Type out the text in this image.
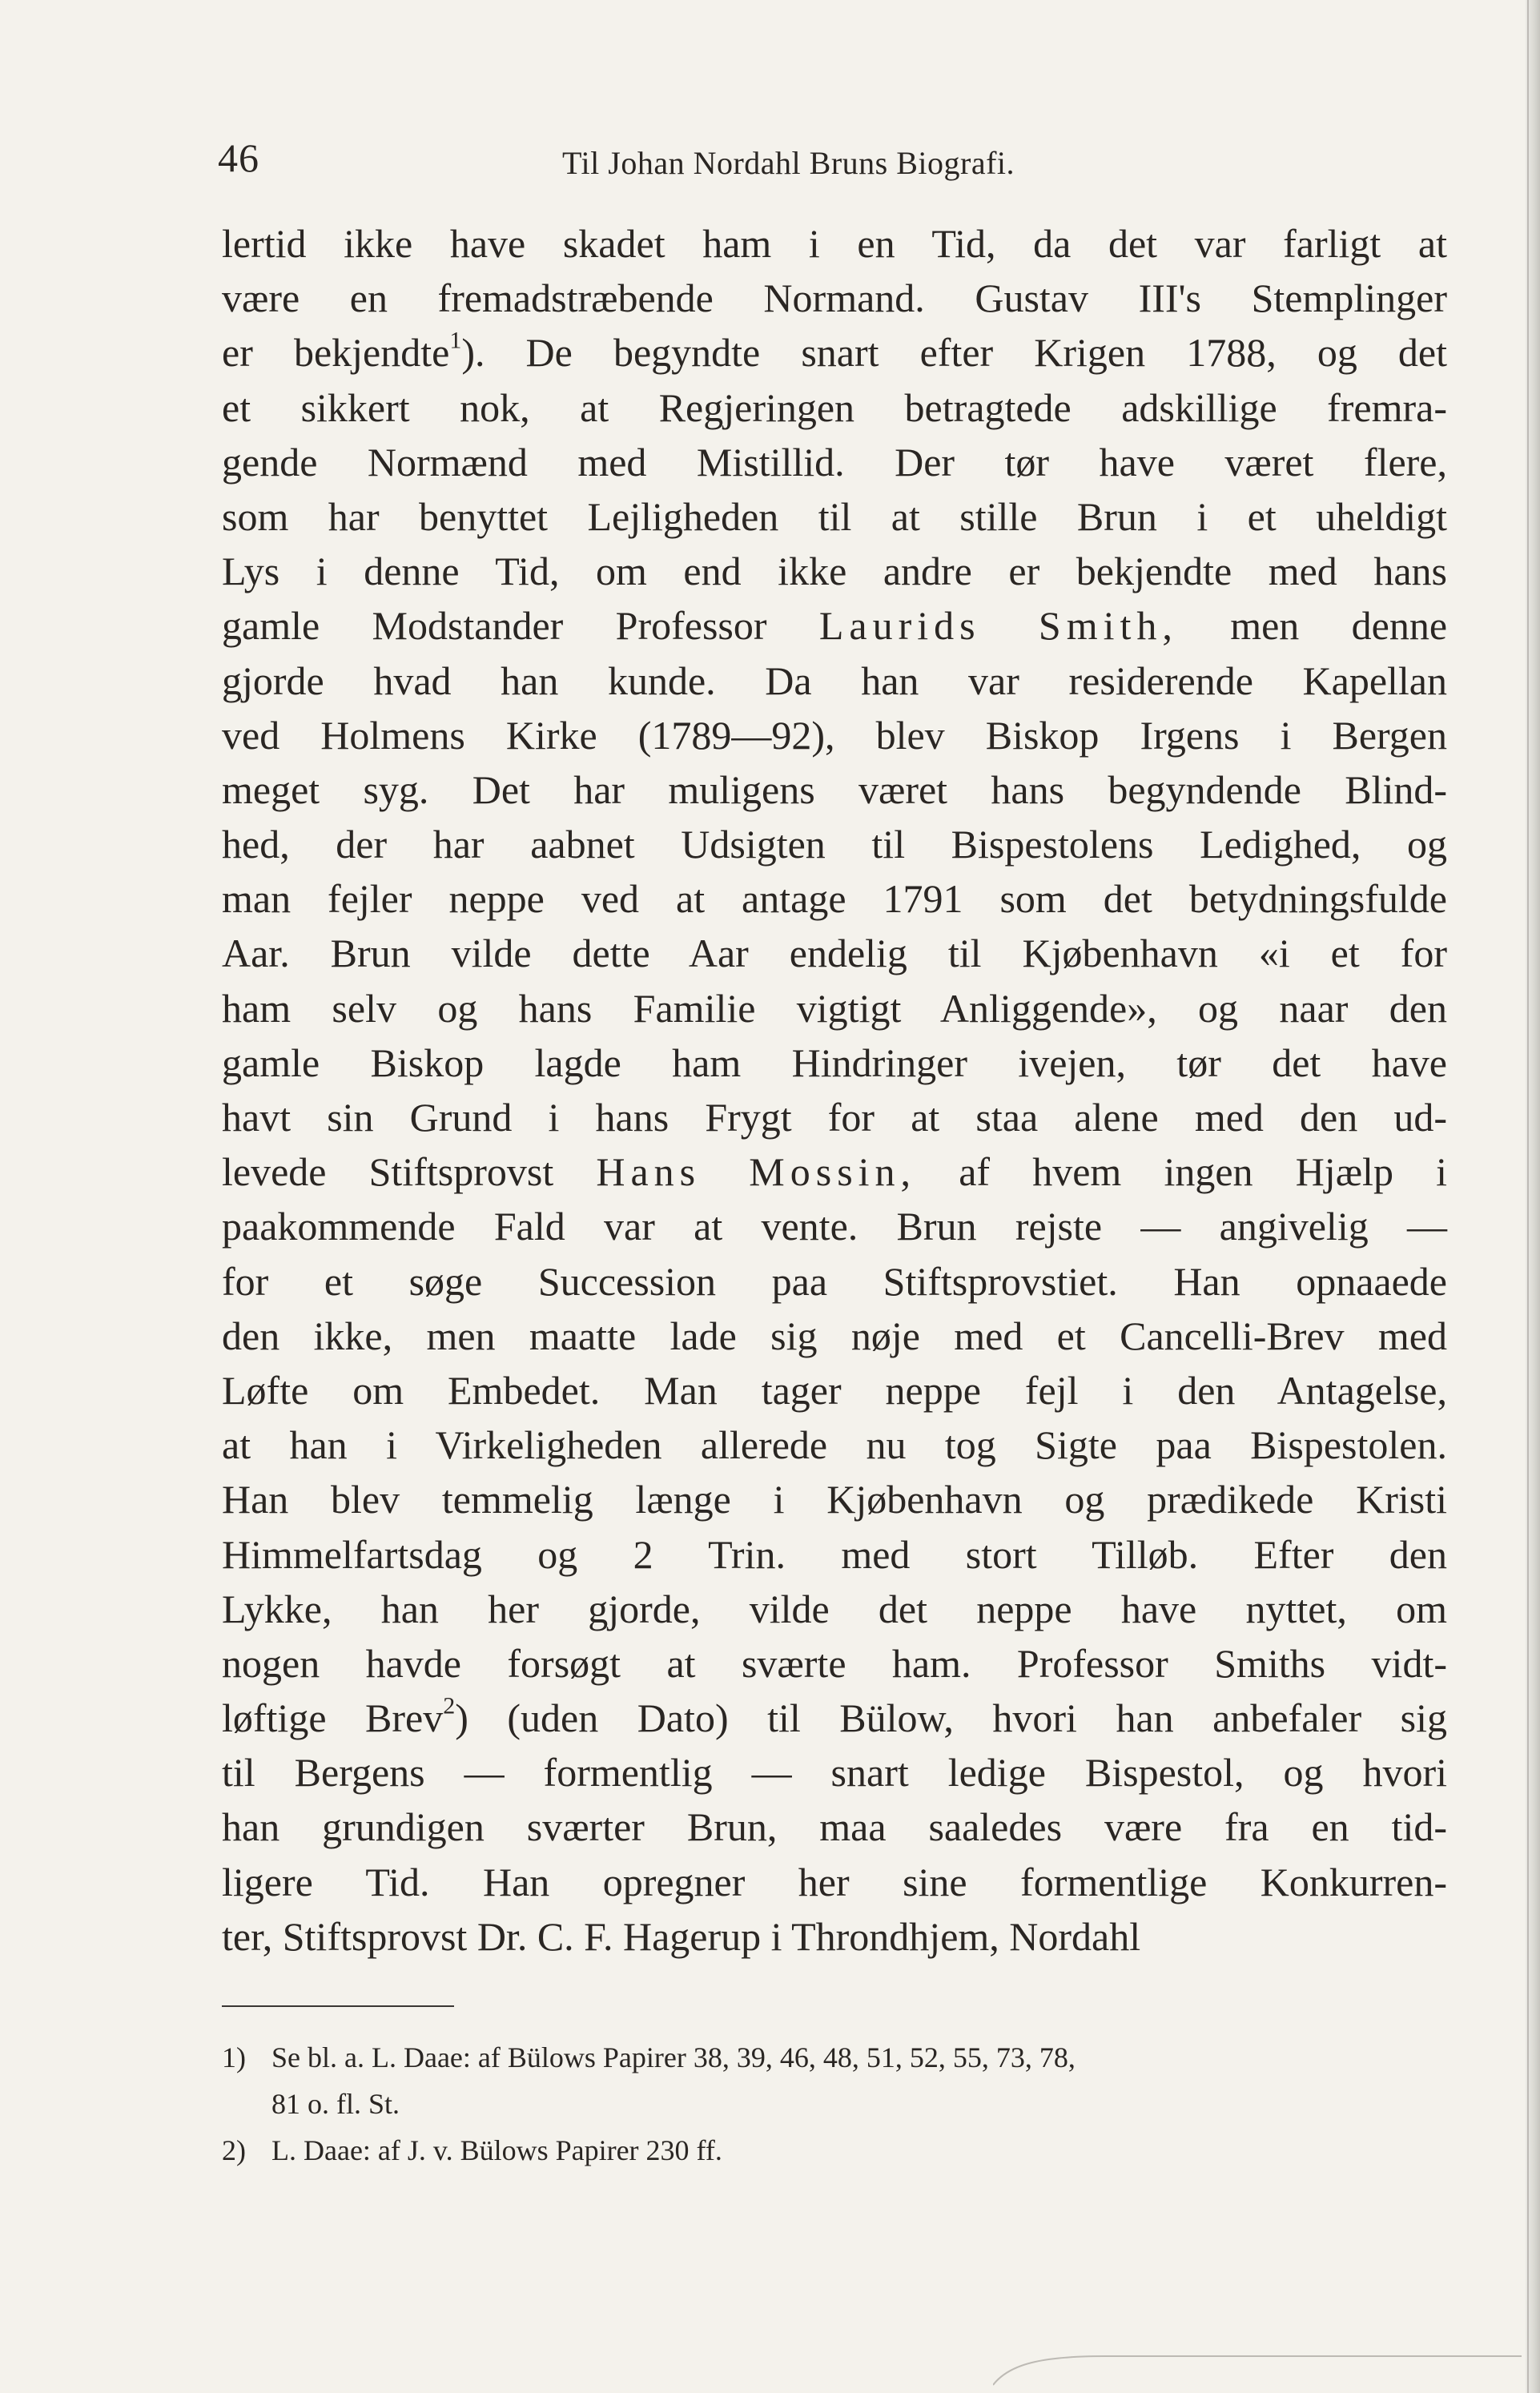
46	Til Johan Nordahl Bruns Biografi.
lertid ikke have skadet ham i en Tid, da det var farligt at
være en fremadstræbende Normand. Gustav III's Stemplinger
er bekjendte$^1$). De begyndte snart efter Krigen 1788, og det
et sikkert nok, at Regjeringen betragtede adskillige fremra-
gende Normænd med Mistillid. Der tør have været flere,
som har benyttet Lejligheden til at stille Brun i et uheldigt
Lys i denne Tid, om end ikke andre er bekjendte med hans
gamle Modstander Professor Laurids Smith, men denne
gjorde hvad han kunde. Da han var residerende Kapellan
ved Holmens Kirke (1789—92), blev Biskop Irgens i Bergen
meget syg. Det har muligens været hans begyndende Blind-
hed, der har aabnet Udsigten til Bispestolens Ledighed, og
man fejler neppe ved at antage 1791 som det betydningsfulde
Aar. Brun vilde dette Aar endelig til Kjøbenhavn «i et for
ham selv og hans Familie vigtigt Anliggende», og naar den
gamle Biskop lagde ham Hindringer ivejen, tør det have
havt sin Grund i hans Frygt for at staa alene med den ud-
levede Stiftsprovst Hans Mossin, af hvem ingen Hjælp i
paakommende Fald var at vente. Brun rejste — angivelig —
for et søge Succession paa Stiftsprovstiet. Han opnaaede
den ikke, men maatte lade sig nøje med et Cancelli-Brev med
Løfte om Embedet. Man tager neppe fejl i den Antagelse,
at han i Virkeligheden allerede nu tog Sigte paa Bispestolen.
Han blev temmelig længe i Kjøbenhavn og prædikede Kristi
Himmelfartsdag og 2 Trin. med stort Tilløb. Efter den
Lykke, han her gjorde, vilde det neppe have nyttet, om
nogen havde forsøgt at sværte ham. Professor Smiths vidt-
løftige Brev$^2$) (uden Dato) til Bülow, hvori han anbefaler sig
til Bergens — formentlig — snart ledige Bispestol, og hvori
han grundigen sværter Brun, maa saaledes være fra en tid-
ligere Tid. Han opregner her sine formentlige Konkurren-
ter, Stiftsprovst Dr. C. F. Hagerup i Throndhjem, Nordahl
1) Se bl. a. L. Daae: af Bülows Papirer 38, 39, 46, 48, 51, 52, 55, 73, 78,
81 o. fl. St.
2) L. Daae: af J. v. Bülows Papirer 230 ff.
